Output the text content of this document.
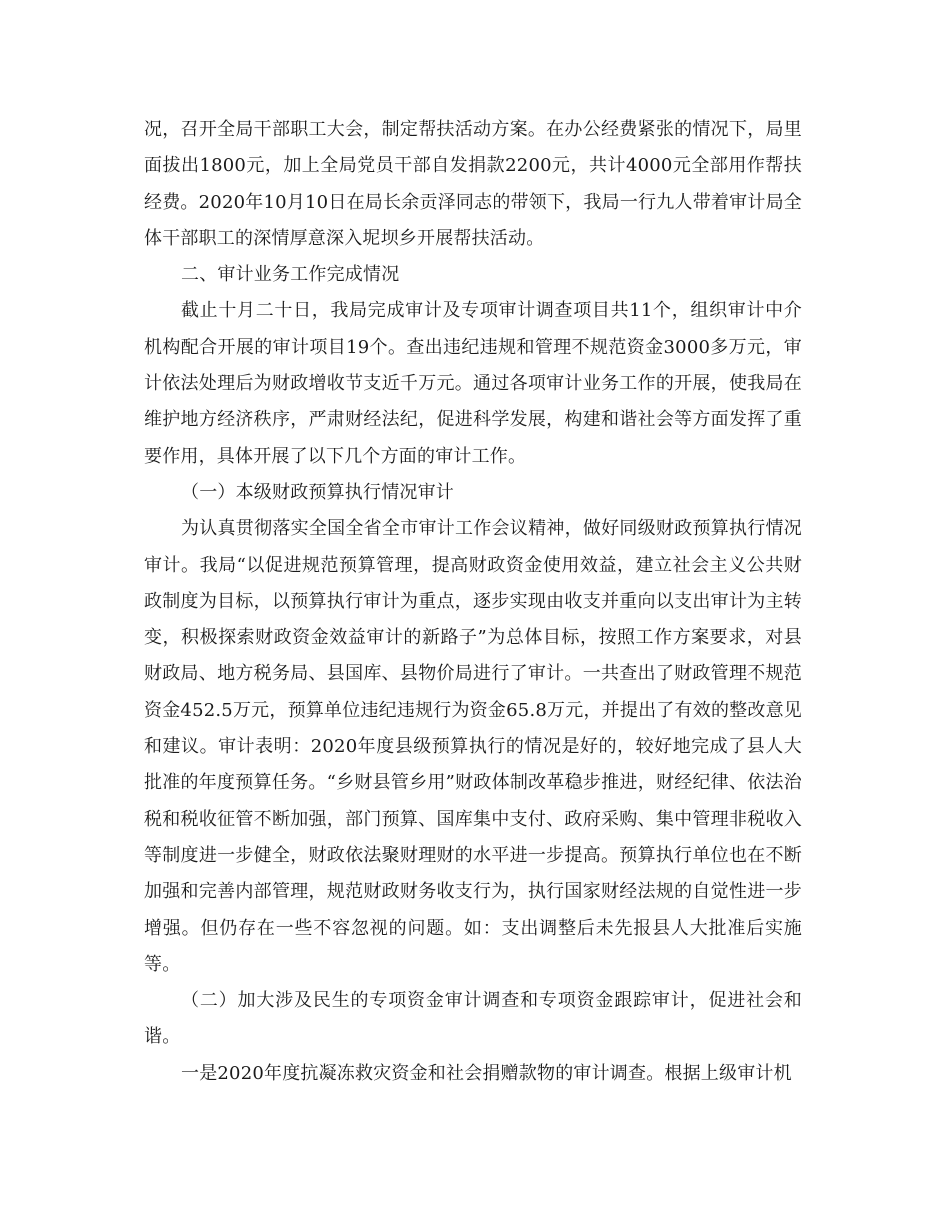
况，召开全局干部职工大会，制定帮扶活动方案。在办公经费紧张的情况下，局里面拔出1800元，加上全局党员干部自发捐款2200元，共计4000元全部用作帮扶经费。2020年10月10日在局长余贡泽同志的带领下，我局一行九人带着审计局全体干部职工的深情厚意深入坭坝乡开展帮扶活动。

二、审计业务工作完成情况

截止十月二十日，我局完成审计及专项审计调查项目共11个，组织审计中介机构配合开展的审计项目19个。查出违纪违规和管理不规范资金3000多万元，审计依法处理后为财政增收节支近千万元。通过各项审计业务工作的开展，使我局在维护地方经济秩序，严肃财经法纪，促进科学发展，构建和谐社会等方面发挥了重要作用，具体开展了以下几个方面的审计工作。

（一）本级财政预算执行情况审计

为认真贯彻落实全国全省全市审计工作会议精神，做好同级财政预算执行情况审计。我局“以促进规范预算管理，提高财政资金使用效益，建立社会主义公共财政制度为目标，以预算执行审计为重点，逐步实现由收支并重向以支出审计为主转变，积极探索财政资金效益审计的新路子”为总体目标，按照工作方案要求，对县财政局、地方税务局、县国库、县物价局进行了审计。一共查出了财政管理不规范资金452.5万元，预算单位违纪违规行为资金65.8万元，并提出了有效的整改意见和建议。审计表明：2020年度县级预算执行的情况是好的，较好地完成了县人大批准的年度预算任务。“乡财县管乡用”财政体制改革稳步推进，财经纪律、依法治税和税收征管不断加强，部门预算、国库集中支付、政府采购、集中管理非税收入等制度进一步健全，财政依法聚财理财的水平进一步提高。预算执行单位也在不断加强和完善内部管理，规范财政财务收支行为，执行国家财经法规的自觉性进一步增强。但仍存在一些不容忽视的问题。如：支出调整后未先报县人大批准后实施等。

（二）加大涉及民生的专项资金审计调查和专项资金跟踪审计，促进社会和谐。

一是2020年度抗凝冻救灾资金和社会捐赠款物的审计调查。根据上级审计机
